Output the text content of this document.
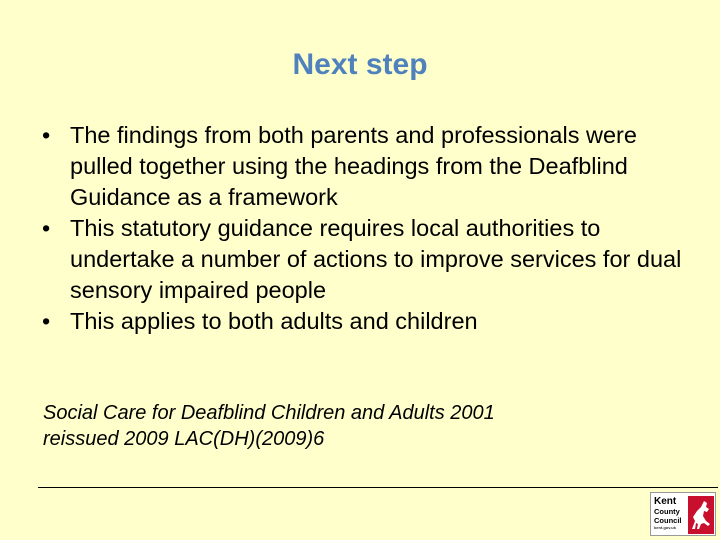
Next step
• The findings from both parents and professionals were pulled together using the headings from the Deafblind Guidance as a framework
• This statutory guidance requires local authorities to undertake a number of actions to improve services for dual sensory impaired people
• This applies to both adults and children
Social Care for Deafblind Children and Adults 2001
reissued 2009 LAC(DH)(2009)6
Kent
County
Council
kent.gov.uk
